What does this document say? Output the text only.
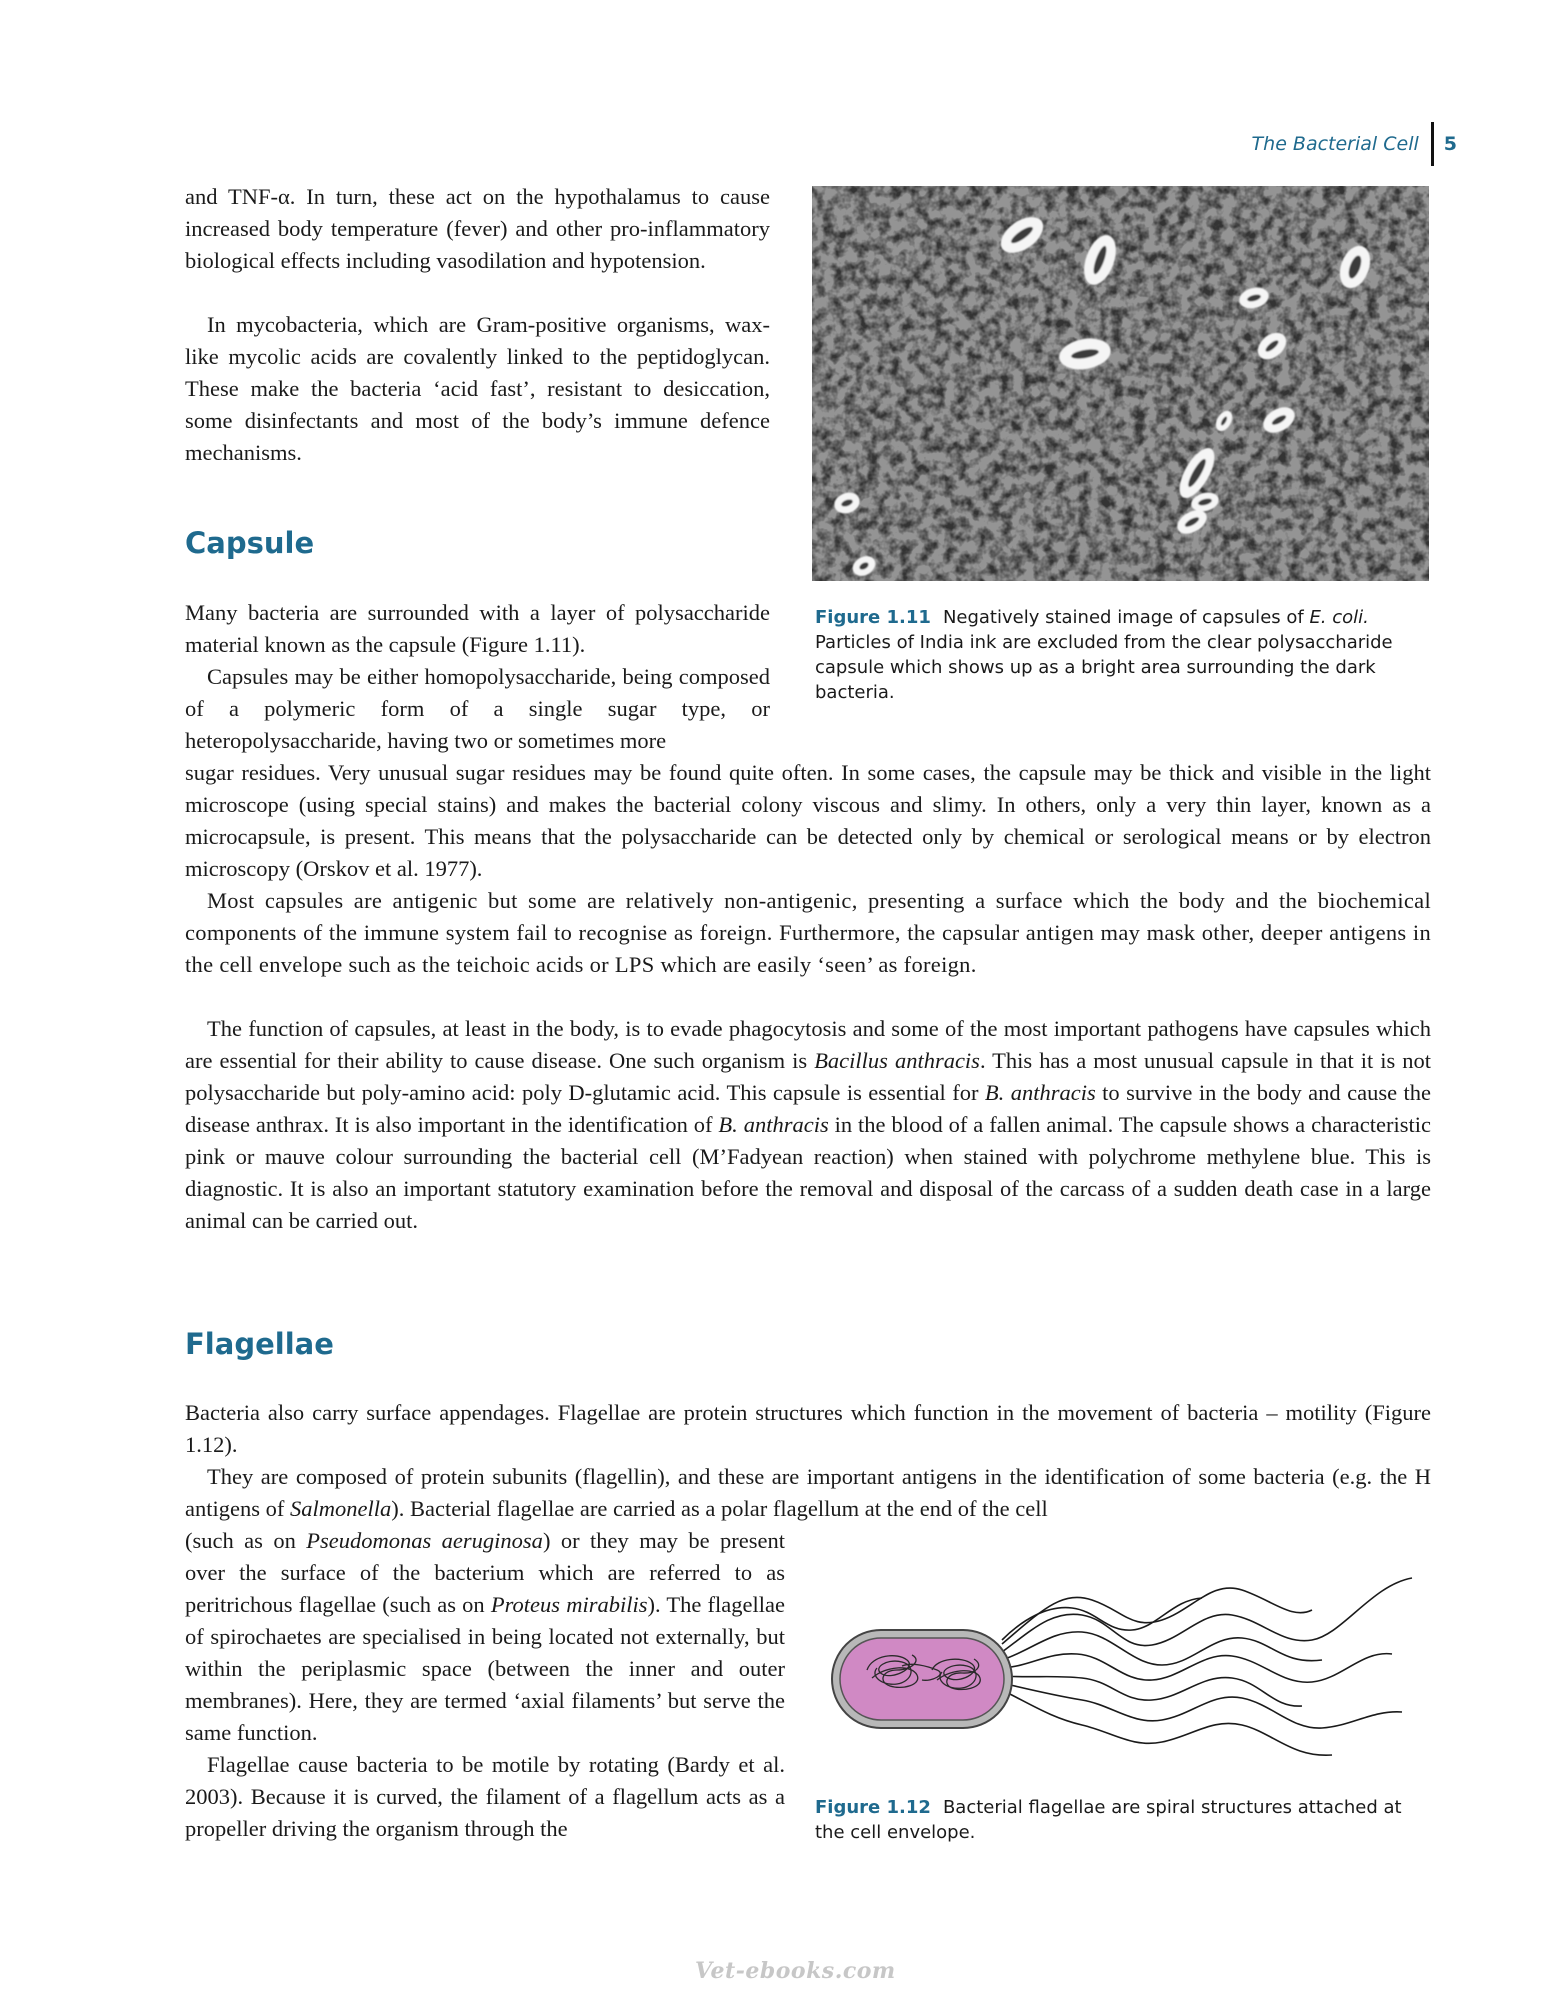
The Bacterial Cell 5

and TNF-α. In turn, these act on the hypothalamus to cause increased body temperature (fever) and other pro-inflammatory biological effects including vasodilation and hypotension.

In mycobacteria, which are Gram-positive organisms, wax-like mycolic acids are covalently linked to the peptidoglycan. These make the bacteria ‘acid fast’, resistant to desiccation, some disinfectants and most of the body’s immune defence mechanisms.

Capsule

Figure 1.11 Negatively stained image of capsules of E. coli. Particles of India ink are excluded from the clear polysaccharide capsule which shows up as a bright area surrounding the dark bacteria.

Many bacteria are surrounded with a layer of polysaccharide material known as the capsule (Figure 1.11).

Capsules may be either homopolysaccharide, being composed of a polymeric form of a single sugar type, or heteropolysaccharide, having two or sometimes more

sugar residues. Very unusual sugar residues may be found quite often. In some cases, the capsule may be thick and visible in the light microscope (using special stains) and makes the bacterial colony viscous and slimy. In others, only a very thin layer, known as a microcapsule, is present. This means that the polysaccharide can be detected only by chemical or serological means or by electron microscopy (Orskov et al. 1977).

Most capsules are antigenic but some are relatively non-antigenic, presenting a surface which the body and the biochemical components of the immune system fail to recognise as foreign. Furthermore, the capsular antigen may mask other, deeper antigens in the cell envelope such as the teichoic acids or LPS which are easily ‘seen’ as foreign.

The function of capsules, at least in the body, is to evade phagocytosis and some of the most important pathogens have capsules which are essential for their ability to cause disease. One such organism is Bacillus anthracis. This has a most unusual capsule in that it is not polysaccharide but poly-amino acid: poly D-glutamic acid. This capsule is essential for B. anthracis to survive in the body and cause the disease anthrax. It is also important in the identification of B. anthracis in the blood of a fallen animal. The capsule shows a characteristic pink or mauve colour surrounding the bacterial cell (M’Fadyean reaction) when stained with polychrome methylene blue. This is diagnostic. It is also an important statutory examination before the removal and disposal of the carcass of a sudden death case in a large animal can be carried out.

Flagellae

Bacteria also carry surface appendages. Flagellae are protein structures which function in the movement of bacteria – motility (Figure 1.12).

They are composed of protein subunits (flagellin), and these are important antigens in the identification of some bacteria (e.g. the H antigens of Salmonella). Bacterial flagellae are carried as a polar flagellum at the end of the cell

(such as on Pseudomonas aeruginosa) or they may be present over the surface of the bacterium which are referred to as peritrichous flagellae (such as on Proteus mirabilis). The flagellae of spirochaetes are specialised in being located not externally, but within the periplasmic space (between the inner and outer membranes). Here, they are termed ‘axial filaments’ but serve the same function.

Flagellae cause bacteria to be motile by rotating (Bardy et al. 2003). Because it is curved, the filament of a flagellum acts as a propeller driving the organism through the

Figure 1.12 Bacterial flagellae are spiral structures attached at the cell envelope.

Vet-ebooks.com
